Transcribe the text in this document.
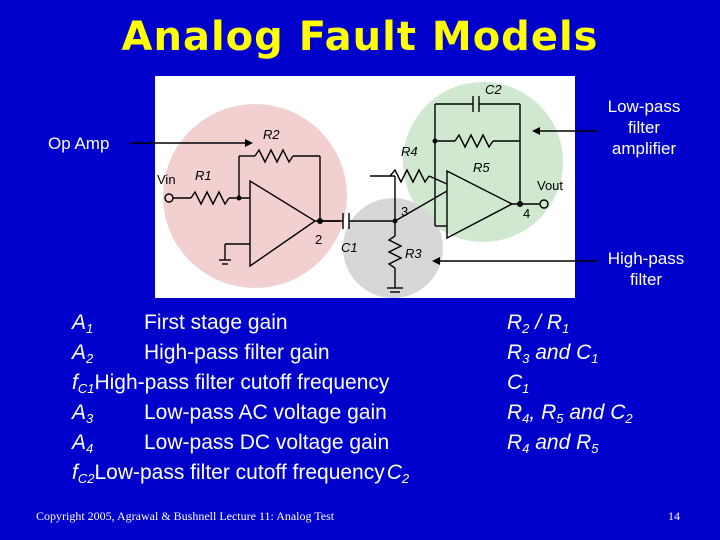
Analog Fault Models
R2
R1
Vin
2
C1	R3
3
R4
R5
C2
Vout
4
Op Amp
Low-pass
filter
amplifier
High-pass
filter
$A_1$ First stage gain
$A_2$ High-pass filter gain
$f_{C1}High$-pass filter cutoff frequency
$A_3$ Low-pass AC voltage gain
$A_4$ Low-pass DC voltage gain
$f_{C2}Low$-pass filter cutoff frequencyC$_2$
$R_2 / R_1$
$R_3$ and $C_1$
$C_1$
$R_4$, $R_5$ and $C_2$
$R_4$ and $R_5$
Copyright 2005, Agrawal & Bushnell Lecture 11: Analog Test	14
